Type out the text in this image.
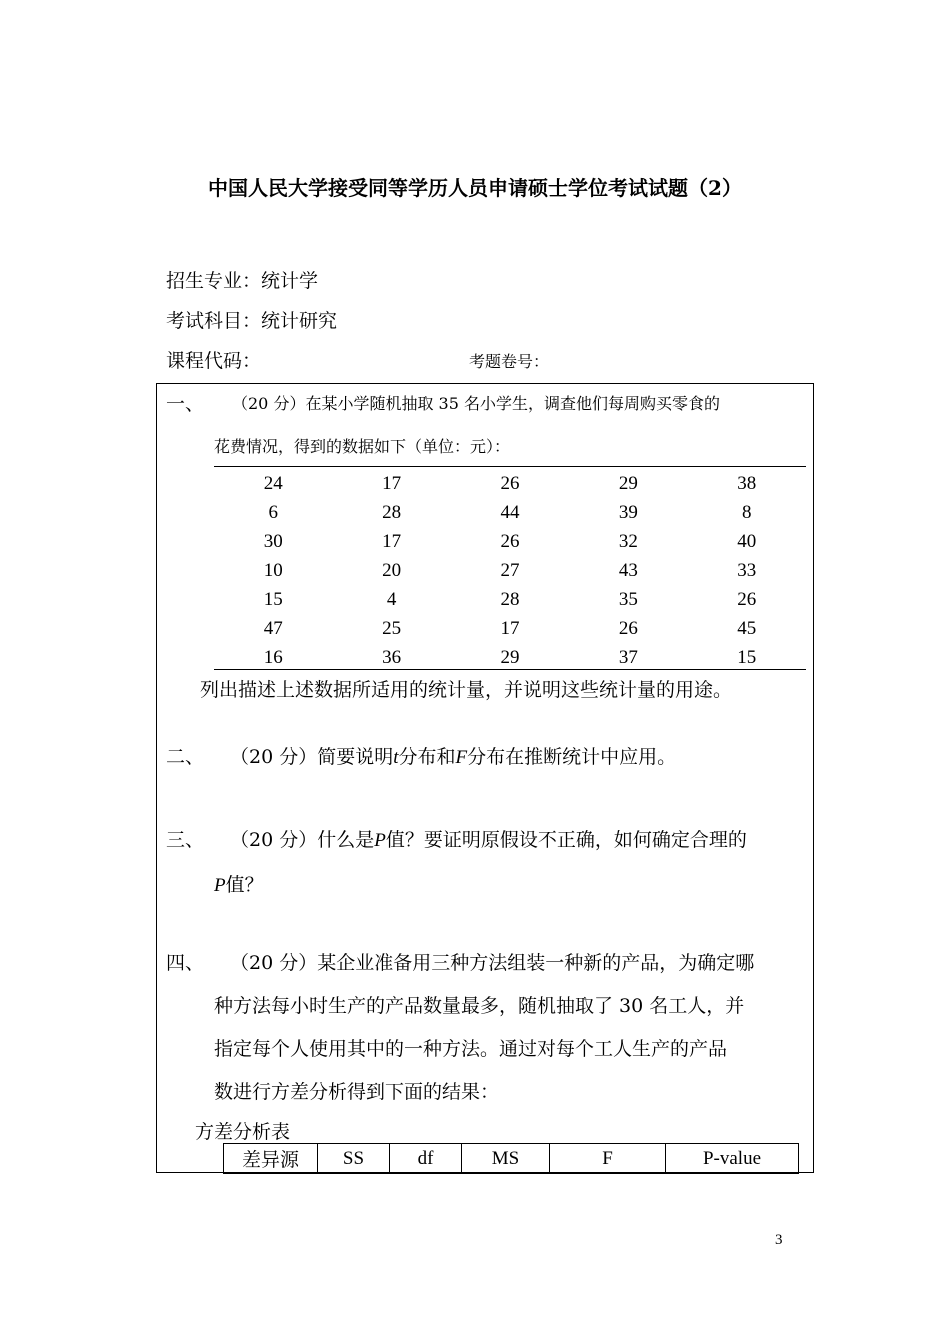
中国人民大学接受同等学历人员申请硕士学位考试试题（2）
招生专业：统计学
考试科目：统计研究
课程代码：	考题卷号：
一、 （20 分）在某小学随机抽取 35 名小学生，调查他们每周购买零食的
花费情况，得到的数据如下（单位：元）：
24	17	26	29	38
6	28	44	39	8
30	17	26	32	40
10	20	27	43	33
15	4	28	35	26
47	25	17	26	45
16	36	29	37	15
列出描述上述数据所适用的统计量，并说明这些统计量的用途。
二、 （20 分）简要说明t分布和F分布在推断统计中应用。
三、 （20 分）什么是P值？要证明原假设不正确，如何确定合理的
P值？
四、 （20 分）某企业准备用三种方法组装一种新的产品，为确定哪
种方法每小时生产的产品数量最多，随机抽取了 30 名工人，并
指定每个人使用其中的一种方法。通过对每个工人生产的产品
数进行方差分析得到下面的结果：
方差分析表
差异源	SS	df	MS	F	P-value
3
